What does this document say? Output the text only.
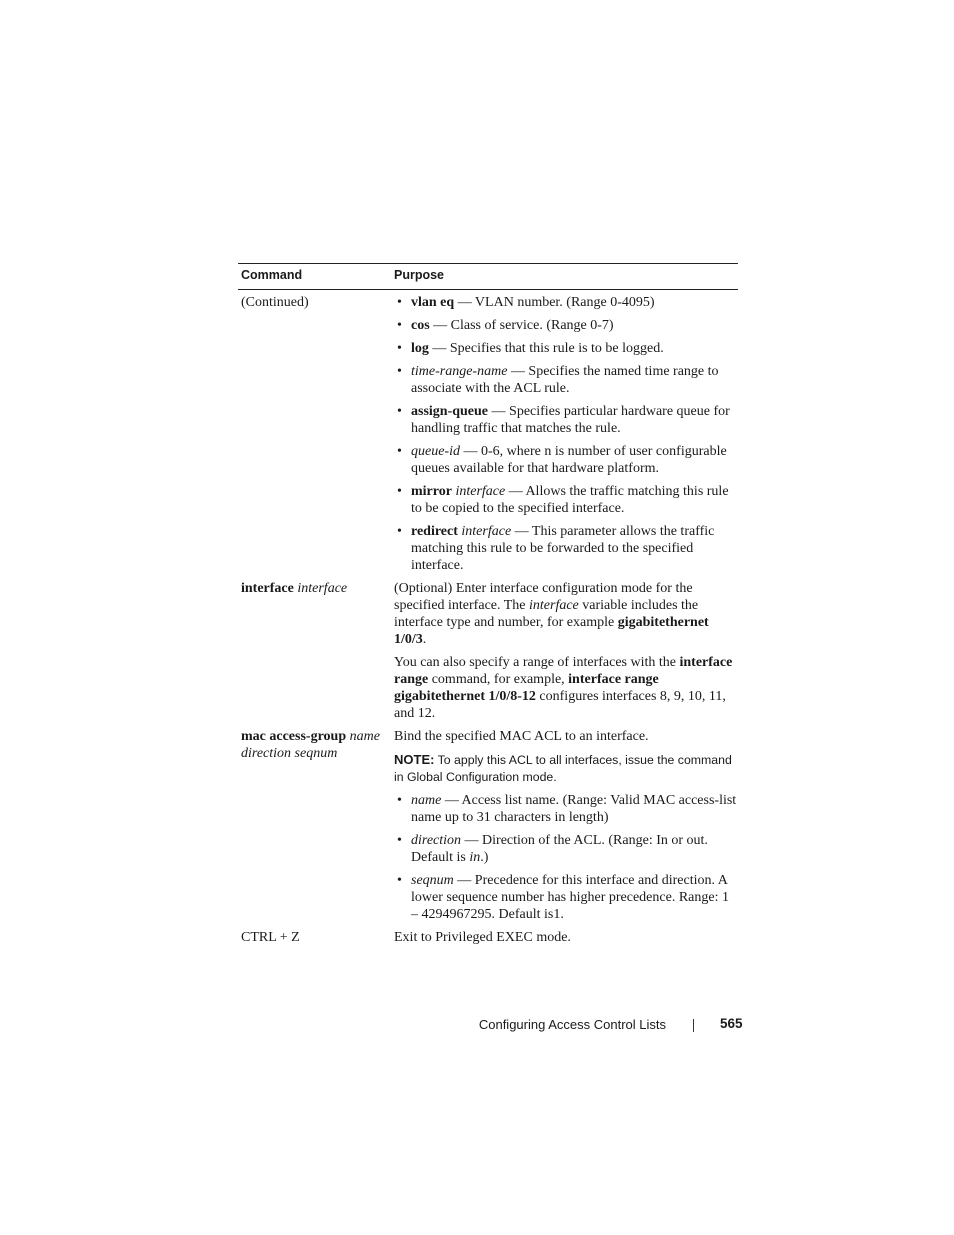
Command	Purpose
(Continued)
•	vlan eq — VLAN number. (Range 0-4095)
• cos — Class of service. (Range 0-7)
• log — Specifies that this rule is to be logged.
• time-range-name — Specifies the named time range to associate with the ACL rule.
• assign-queue — Specifies particular hardware queue for handling traffic that matches the rule.
• queue-id — 0-6, where n is number of user configurable queues available for that hardware platform.
• mirror interface — Allows the traffic matching this rule to be copied to the specified interface.
• redirect interface — This parameter allows the traffic matching this rule to be forwarded to the specified interface.
interface interface	(Optional) Enter interface configuration mode for the specified interface. The interface variable includes the interface type and number, for example gigabitethernet 1/0/3.

You can also specify a range of interfaces with the interface range command, for example, interface range gigabitethernet 1/0/8-12 configures interfaces 8, 9, 10, 11, and 12.

mac access-group name direction seqnum

Bind the specified MAC ACL to an interface.

NOTE: To apply this ACL to all interfaces, issue the command in Global Configuration mode.

• name — Access list name. (Range: Valid MAC access-list name up to 31 characters in length)
• direction — Direction of the ACL. (Range: In or out. Default is in.)
• seqnum — Precedence for this interface and direction. A lower sequence number has higher precedence. Range: 1 – 4294967295. Default is1.
CTRL + Z	Exit to Privileged EXEC mode.

Configuring Access Control Lists	565
